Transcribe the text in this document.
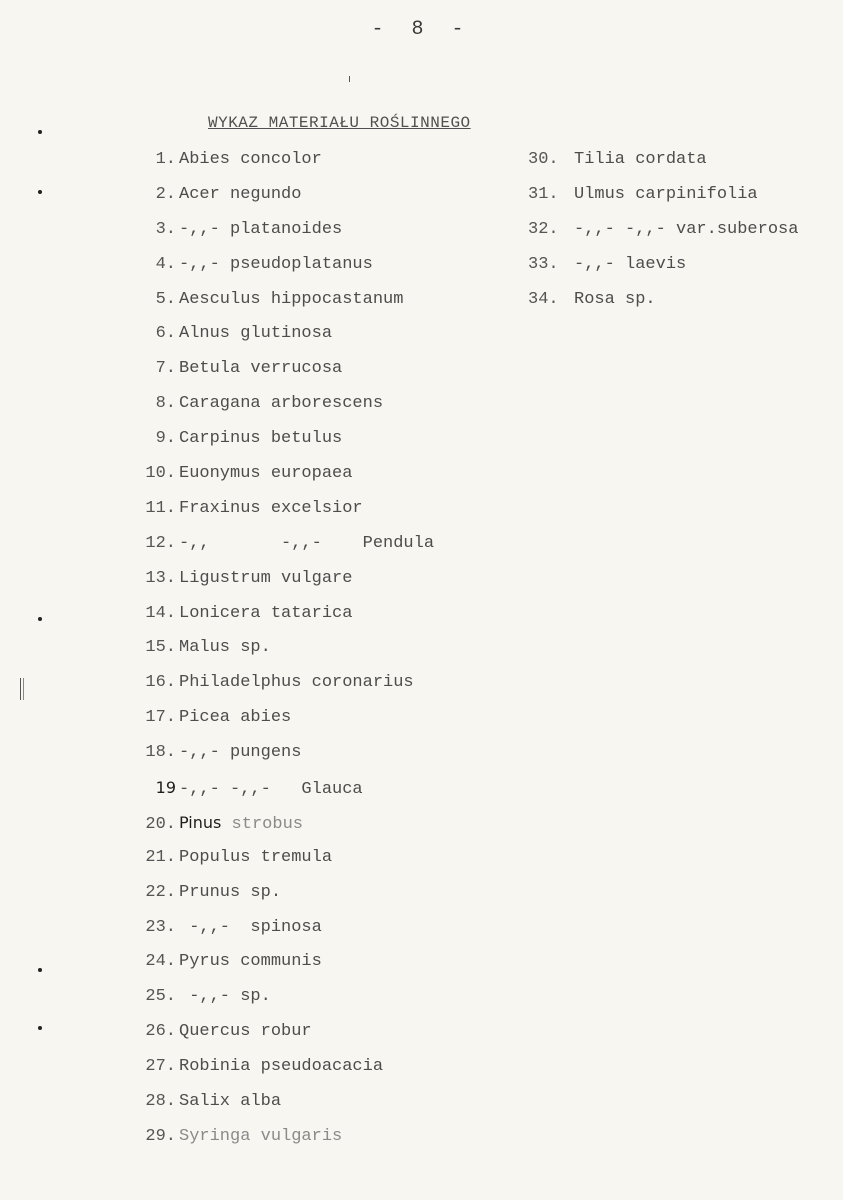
- 8 -
WYKAZ MATERIAŁU ROŚLINNEGO
1. Abies concolor
2. Acer negundo
3. -,,- platanoides
4. -,,- pseudoplatanus
5. Aesculus hippocastanum
6. Alnus glutinosa
7. Betula verrucosa
8. Caragana arborescens
9. Carpinus betulus
10. Euonymus europaea
11. Fraxinus excelsior
12. -,,       -,,-    Pendula
13. Ligustrum vulgare
14. Lonicera tatarica
15. Malus sp.
16. Philadelphus coronarius
17. Picea abies
18. -,,- pungens
19 -,,- -,,-   Glauca
20. Pinus strobus
21. Populus tremula
22. Prunus sp.
23. -,,-  spinosa
24. Pyrus communis
25. -,,- sp.
26. Quercus robur
27. Robinia pseudoacacia
28. Salix alba
29. Syringa vulgaris
30. Tilia cordata
31. Ulmus carpinifolia
32. -,,- -,,- var.suberosa
33. -,,- laevis
34. Rosa sp.
